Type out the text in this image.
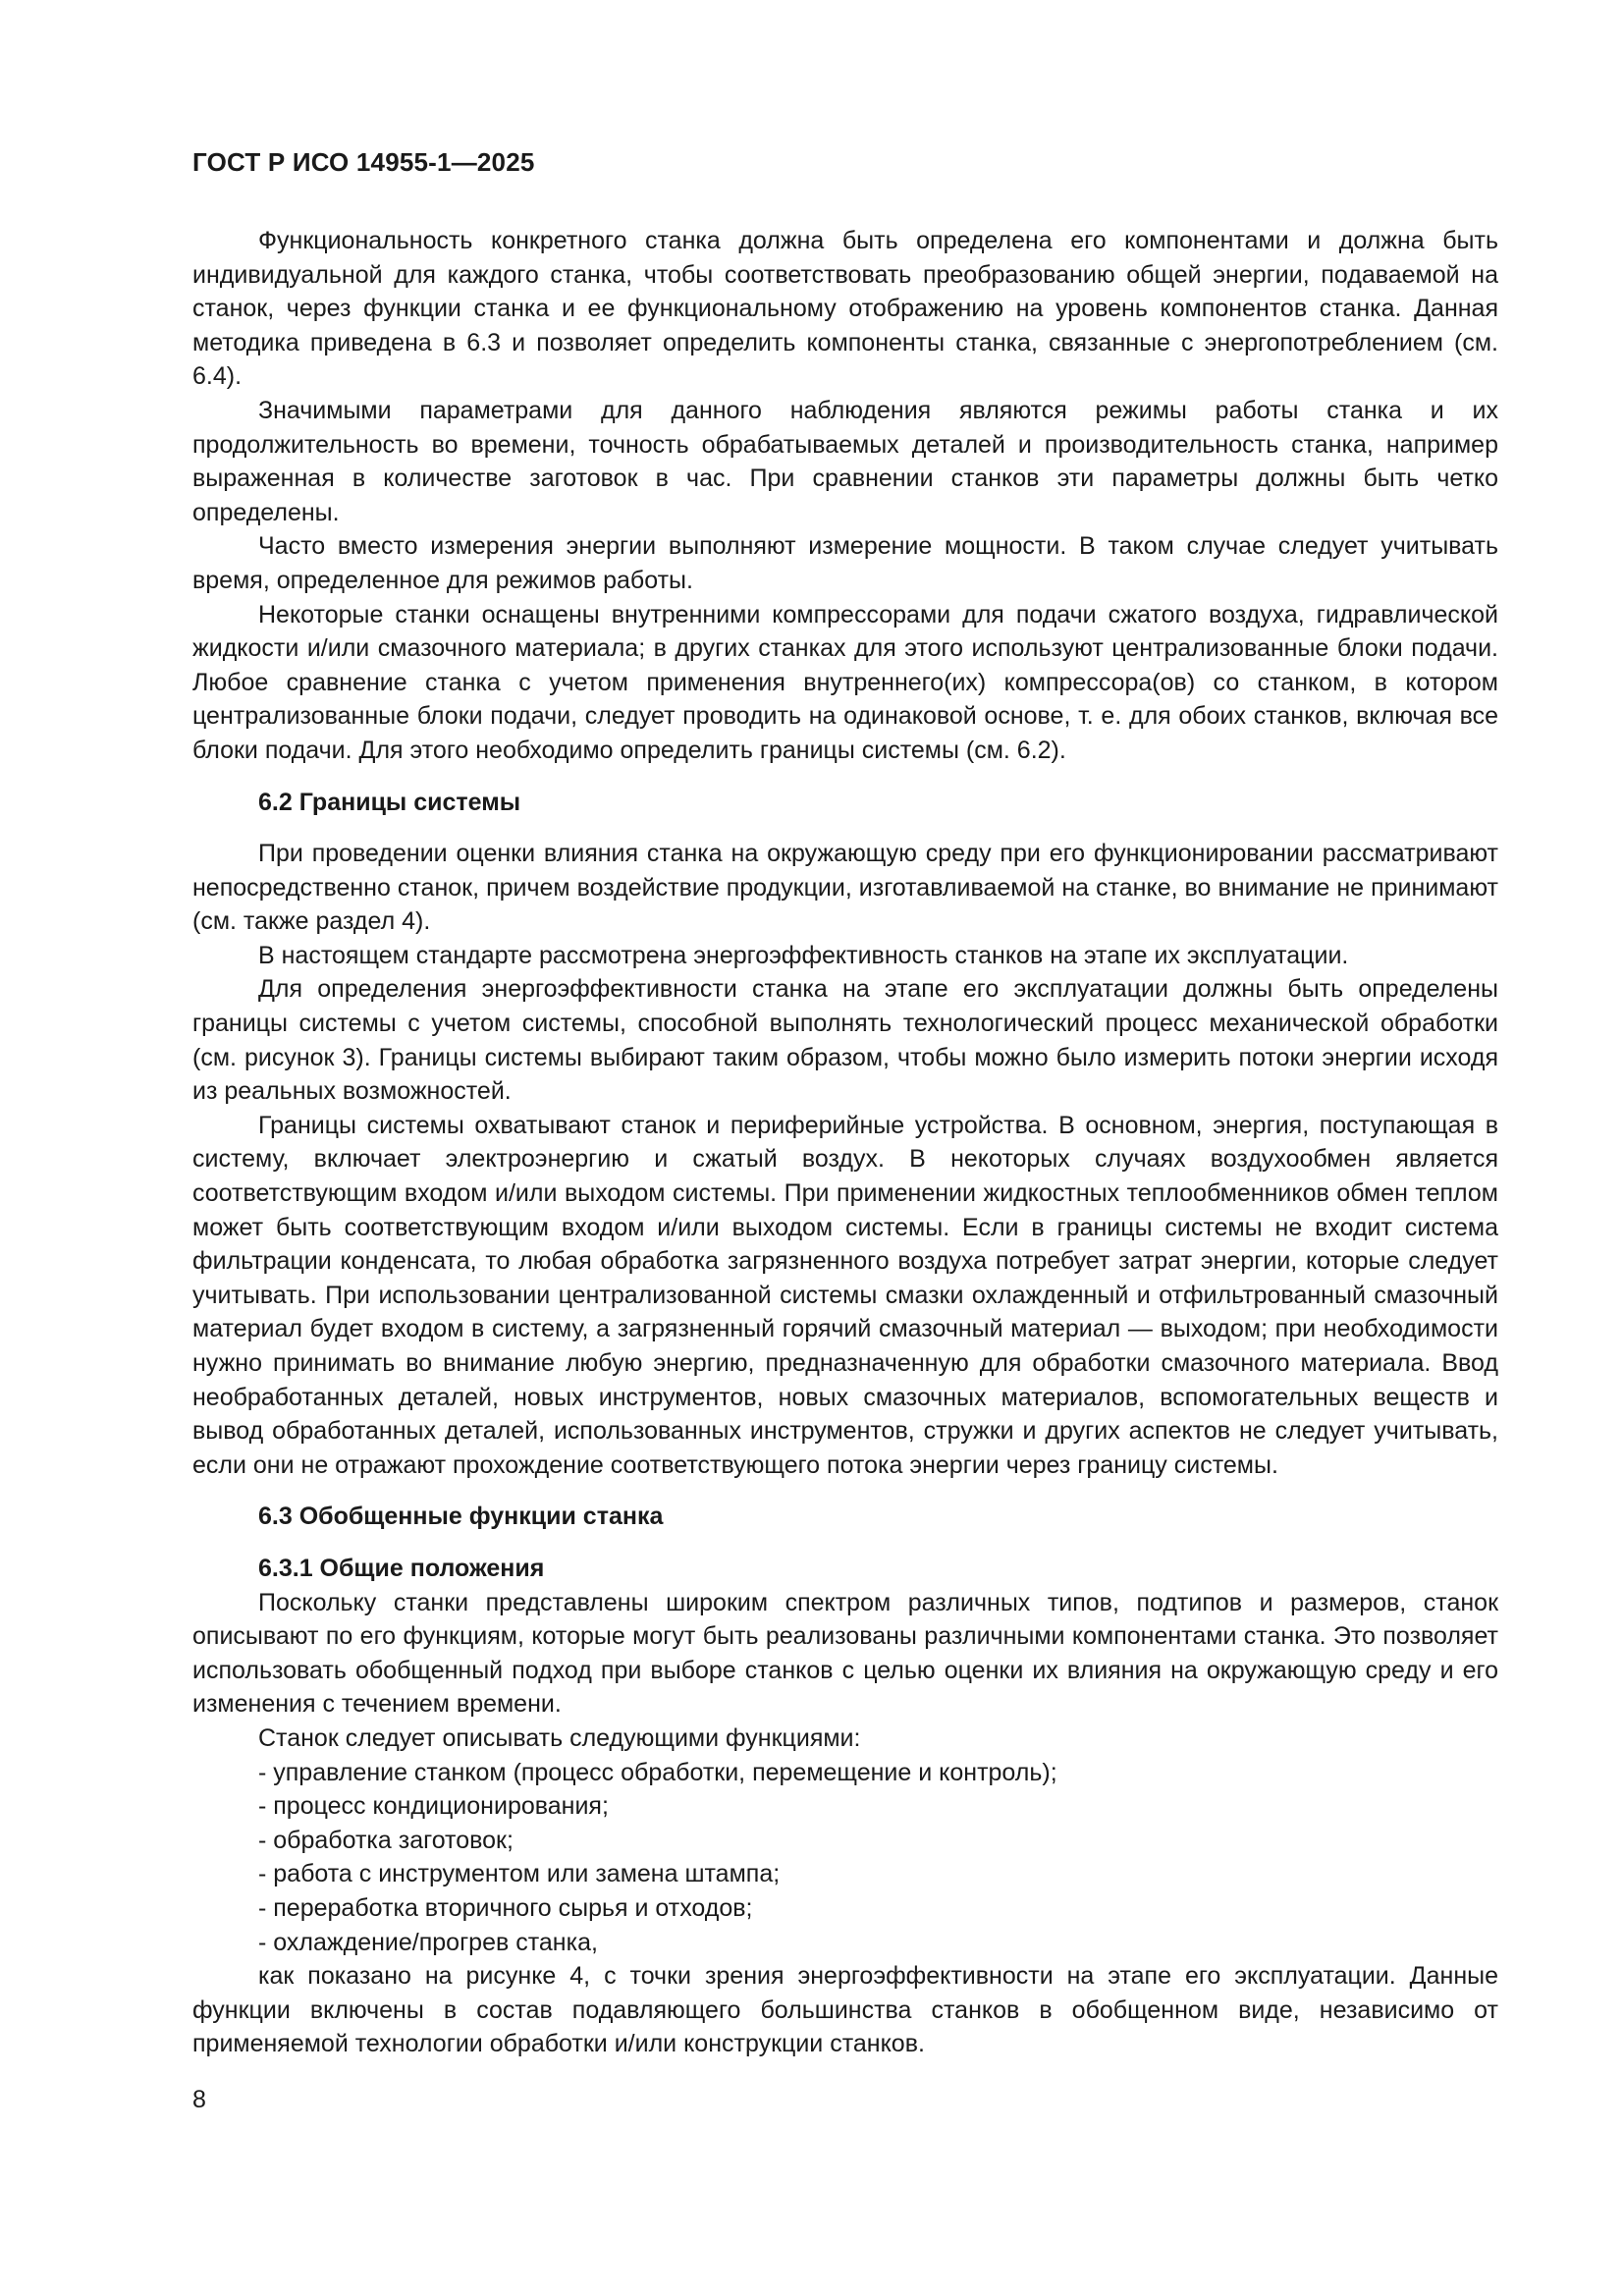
ГОСТ Р ИСО 14955-1—2025

Функциональность конкретного станка должна быть определена его компонентами и должна быть индивидуальной для каждого станка, чтобы соответствовать преобразованию общей энергии, подаваемой на станок, через функции станка и ее функциональному отображению на уровень компонентов станка. Данная методика приведена в 6.3 и позволяет определить компоненты станка, связанные с энергопотреблением (см. 6.4).

Значимыми параметрами для данного наблюдения являются режимы работы станка и их продолжительность во времени, точность обрабатываемых деталей и производительность станка, например выраженная в количестве заготовок в час. При сравнении станков эти параметры должны быть четко определены.

Часто вместо измерения энергии выполняют измерение мощности. В таком случае следует учитывать время, определенное для режимов работы.

Некоторые станки оснащены внутренними компрессорами для подачи сжатого воздуха, гидравлической жидкости и/или смазочного материала; в других станках для этого используют централизованные блоки подачи. Любое сравнение станка с учетом применения внутреннего(их) компрессора(ов) со станком, в котором централизованные блоки подачи, следует проводить на одинаковой основе, т. е. для обоих станков, включая все блоки подачи. Для этого необходимо определить границы системы (см. 6.2).

6.2 Границы системы

При проведении оценки влияния станка на окружающую среду при его функционировании рассматривают непосредственно станок, причем воздействие продукции, изготавливаемой на станке, во внимание не принимают (см. также раздел 4).

В настоящем стандарте рассмотрена энергоэффективность станков на этапе их эксплуатации.

Для определения энергоэффективности станка на этапе его эксплуатации должны быть определены границы системы с учетом системы, способной выполнять технологический процесс механической обработки (см. рисунок 3). Границы системы выбирают таким образом, чтобы можно было измерить потоки энергии исходя из реальных возможностей.

Границы системы охватывают станок и периферийные устройства. В основном, энергия, поступающая в систему, включает электроэнергию и сжатый воздух. В некоторых случаях воздухообмен является соответствующим входом и/или выходом системы. При применении жидкостных теплообменников обмен теплом может быть соответствующим входом и/или выходом системы. Если в границы системы не входит система фильтрации конденсата, то любая обработка загрязненного воздуха потребует затрат энергии, которые следует учитывать. При использовании централизованной системы смазки охлажденный и отфильтрованный смазочный материал будет входом в систему, а загрязненный горячий смазочный материал — выходом; при необходимости нужно принимать во внимание любую энергию, предназначенную для обработки смазочного материала. Ввод необработанных деталей, новых инструментов, новых смазочных материалов, вспомогательных веществ и вывод обработанных деталей, использованных инструментов, стружки и других аспектов не следует учитывать, если они не отражают прохождение соответствующего потока энергии через границу системы.

6.3 Обобщенные функции станка
6.3.1 Общие положения

Поскольку станки представлены широким спектром различных типов, подтипов и размеров, станок описывают по его функциям, которые могут быть реализованы различными компонентами станка. Это позволяет использовать обобщенный подход при выборе станков с целью оценки их влияния на окружающую среду и его изменения с течением времени.

Станок следует описывать следующими функциями:

- управление станком (процесс обработки, перемещение и контроль);
- процесс кондиционирования;
- обработка заготовок;
- работа с инструментом или замена штампа;
- переработка вторичного сырья и отходов;
- охлаждение/прогрев станка,

как показано на рисунке 4, с точки зрения энергоэффективности на этапе его эксплуатации. Данные функции включены в состав подавляющего большинства станков в обобщенном виде, независимо от применяемой технологии обработки и/или конструкции станков.

8
